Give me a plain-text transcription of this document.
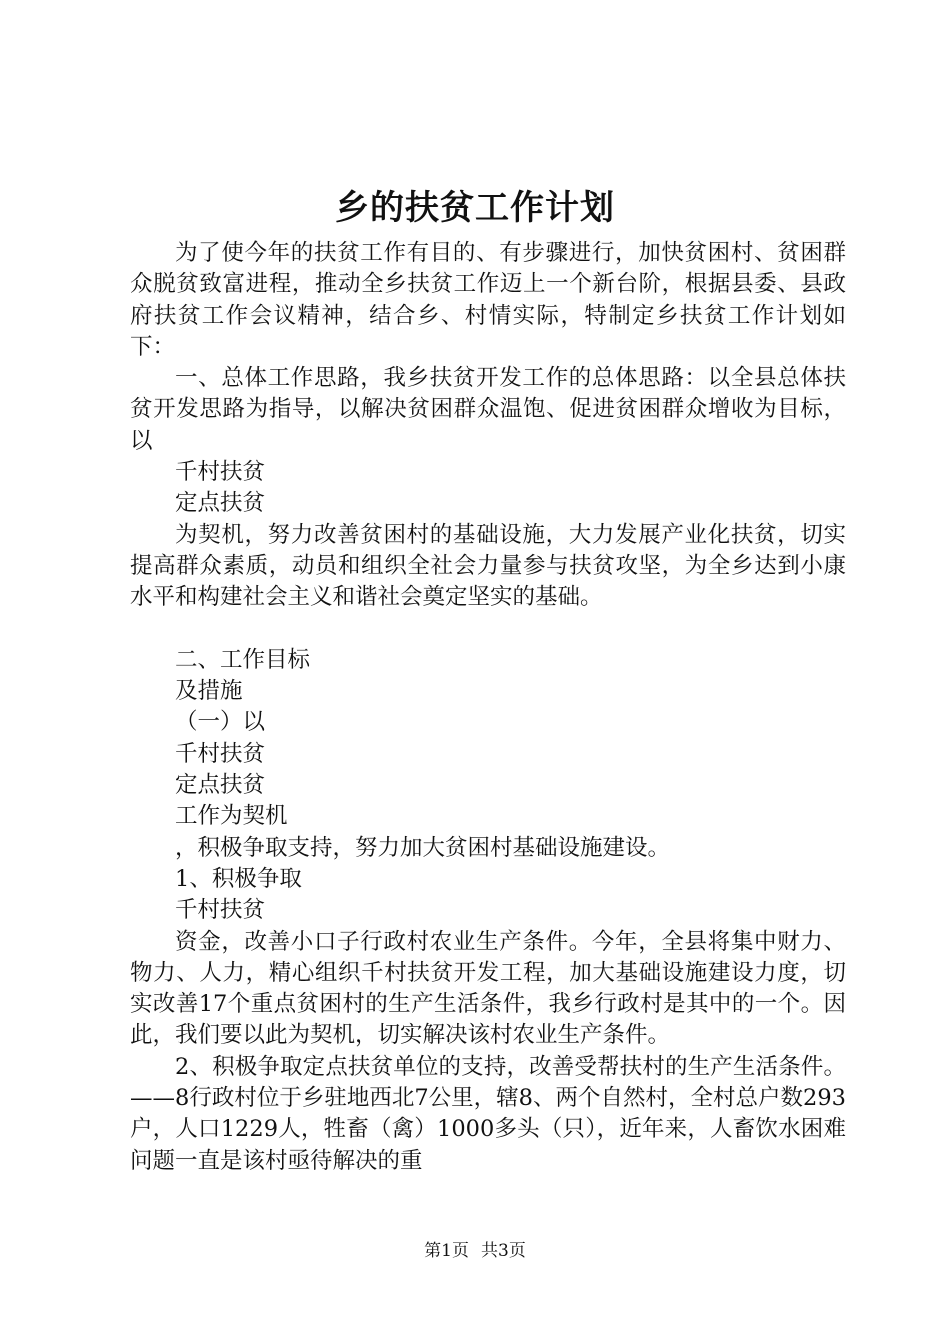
乡的扶贫工作计划

为了使今年的扶贫工作有目的、有步骤进行，加快贫困村、贫困群众脱贫致富进程，推动全乡扶贫工作迈上一个新台阶，根据县委、县政府扶贫工作会议精神，结合乡、村情实际，特制定乡扶贫工作计划如下：

一、总体工作思路，我乡扶贫开发工作的总体思路：以全县总体扶贫开发思路为指导，以解决贫困群众温饱、促进贫困群众增收为目标，以

千村扶贫

定点扶贫

为契机，努力改善贫困村的基础设施，大力发展产业化扶贫，切实提高群众素质，动员和组织全社会力量参与扶贫攻坚，为全乡达到小康水平和构建社会主义和谐社会奠定坚实的基础。

二、工作目标

及措施

（一）以

千村扶贫

定点扶贫

工作为契机

，积极争取支持，努力加大贫困村基础设施建设。

1、积极争取

千村扶贫

资金，改善小口子行政村农业生产条件。今年，全县将集中财力、物力、人力，精心组织千村扶贫开发工程，加大基础设施建设力度，切实改善17个重点贫困村的生产生活条件，我乡行政村是其中的一个。因此，我们要以此为契机，切实解决该村农业生产条件。

2、积极争取定点扶贫单位的支持，改善受帮扶村的生产生活条件。——8行政村位于乡驻地西北7公里，辖8、两个自然村，全村总户数293户，人口1229人，牲畜（禽）1000多头（只），近年来，人畜饮水困难问题一直是该村亟待解决的重

第1页 共3页
